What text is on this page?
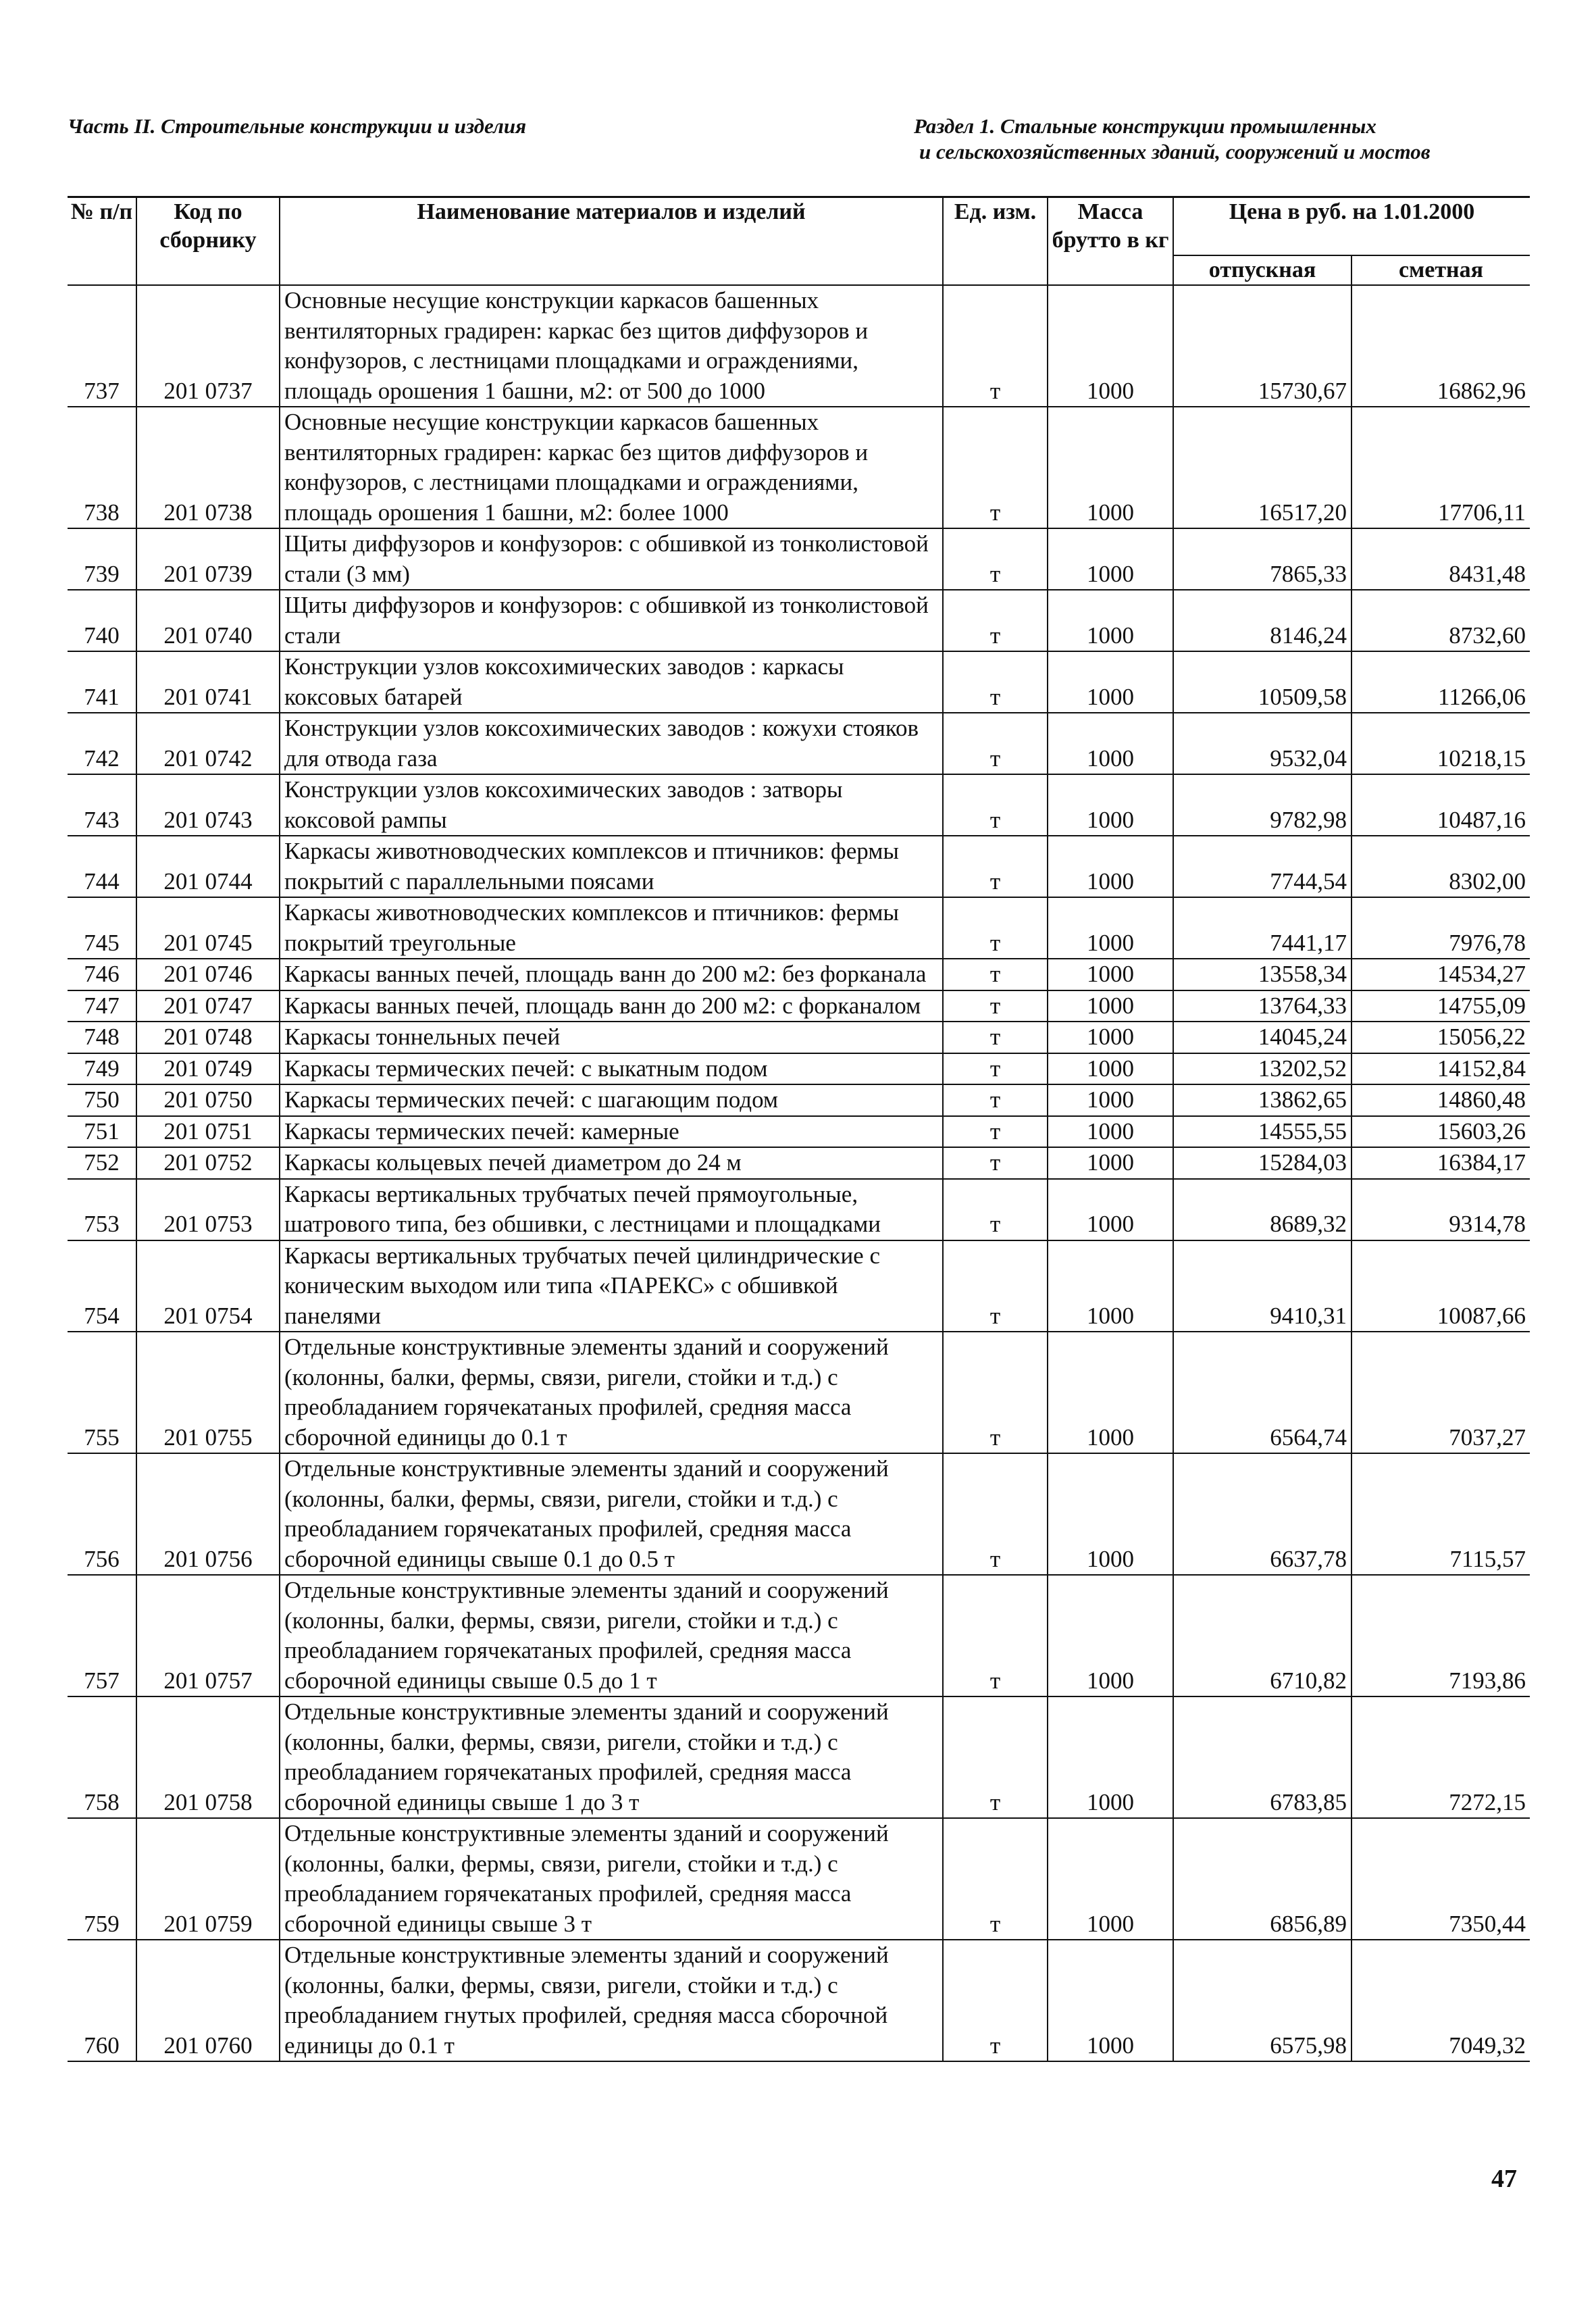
Часть II. Строительные конструкции и изделия	Раздел 1. Стальные конструкции промышленных
и сельскохозяйственных зданий, сооружений и мостов
№ п/п	Код по сборнику	Наименование материалов и изделий	Ед. изм.	Масса брутто в кг	Цена в руб. на 1.01.2000	
					отпускная	сметная
737	201 0737	Основные несущие конструкции каркасов башенных вентиляторных градирен: каркас без щитов диффузоров и конфузоров, с лестницами площадками и ограждениями, площадь орошения 1 башни, м2: от 500 до 1000	т	1000	15730,67	16862,96
738	201 0738	Основные несущие конструкции каркасов башенных вентиляторных градирен: каркас без щитов диффузоров и конфузоров, с лестницами площадками и ограждениями, площадь орошения 1 башни, м2: более 1000	т	1000	16517,20	17706,11
739	201 0739	Щиты диффузоров и конфузоров: с обшивкой из тонколистовой стали (3 мм)	т	1000	7865,33	8431,48
740	201 0740	Щиты диффузоров и конфузоров: с обшивкой из тонколистовой стали	т	1000	8146,24	8732,60
741	201 0741	Конструкции узлов коксохимических заводов : каркасы коксовых батарей	т	1000	10509,58	11266,06
742	201 0742	Конструкции узлов коксохимических заводов : кожухи стояков для отвода газа	т	1000	9532,04	10218,15
743	201 0743	Конструкции узлов коксохимических заводов : затворы коксовой рампы	т	1000	9782,98	10487,16
744	201 0744	Каркасы животноводческих комплексов и птичников: фермы покрытий с параллельными поясами	т	1000	7744,54	8302,00
745	201 0745	Каркасы животноводческих комплексов и птичников: фермы покрытий треугольные	т	1000	7441,17	7976,78
746	201 0746	Каркасы ванных печей, площадь ванн до 200 м2: без форканала	т	1000	13558,34	14534,27
747	201 0747	Каркасы ванных печей, площадь ванн до 200 м2: с форканалом	т	1000	13764,33	14755,09
748	201 0748	Каркасы тоннельных печей	т	1000	14045,24	15056,22
749	201 0749	Каркасы термических печей: с выкатным подом	т	1000	13202,52	14152,84
750	201 0750	Каркасы термических печей: с шагающим подом	т	1000	13862,65	14860,48
751	201 0751	Каркасы термических печей: камерные	т	1000	14555,55	15603,26
752	201 0752	Каркасы кольцевых печей диаметром до 24 м	т	1000	15284,03	16384,17
753	201 0753	Каркасы вертикальных трубчатых печей прямоугольные, шатрового типа, без обшивки, с лестницами и площадками	т	1000	8689,32	9314,78
754	201 0754	Каркасы вертикальных трубчатых печей цилиндрические с коническим выходом или типа «ПАРЕКС» с обшивкой панелями	т	1000	9410,31	10087,66
755	201 0755	Отдельные конструктивные элементы зданий и сооружений (колонны, балки, фермы, связи, ригели, стойки и т.д.) с преобладанием горячекатаных профилей, средняя масса сборочной единицы до 0.1 т	т	1000	6564,74	7037,27
756	201 0756	Отдельные конструктивные элементы зданий и сооружений (колонны, балки, фермы, связи, ригели, стойки и т.д.) с преобладанием горячекатаных профилей, средняя масса сборочной единицы свыше 0.1 до 0.5 т	т	1000	6637,78	7115,57
757	201 0757	Отдельные конструктивные элементы зданий и сооружений (колонны, балки, фермы, связи, ригели, стойки и т.д.) с преобладанием горячекатаных профилей, средняя масса сборочной единицы свыше 0.5 до 1 т	т	1000	6710,82	7193,86
758	201 0758	Отдельные конструктивные элементы зданий и сооружений (колонны, балки, фермы, связи, ригели, стойки и т.д.) с преобладанием горячекатаных профилей, средняя масса сборочной единицы свыше 1 до 3 т	т	1000	6783,85	7272,15
759	201 0759	Отдельные конструктивные элементы зданий и сооружений (колонны, балки, фермы, связи, ригели, стойки и т.д.) с преобладанием горячекатаных профилей, средняя масса сборочной единицы свыше 3 т	т	1000	6856,89	7350,44
760	201 0760	Отдельные конструктивные элементы зданий и сооружений (колонны, балки, фермы, связи, ригели, стойки и т.д.) с преобладанием гнутых профилей, средняя масса сборочной единицы до 0.1 т	т	1000	6575,98	7049,32
47
